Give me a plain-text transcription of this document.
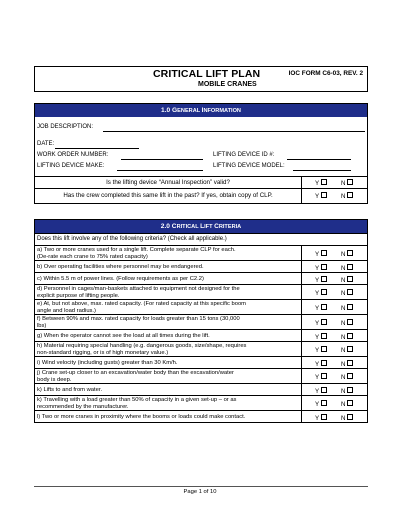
CRITICAL LIFT PLAN	IOC FORM C6-03, REV. 2
MOBILE CRANES
1.0 GENERAL INFORMATION
JOB DESCRIPTION:
DATE:
WORK ORDER NUMBER:	LIFTING DEVICE ID #:
LIFTING DEVICE MAKE:	LIFTING DEVICE MODEL:
Is the lifting device “Annual Inspection” valid?	Y	N
Has the crew completed this same lift in the past? If yes, obtain copy of CLP.	Y	N
2.0 CRITICAL LIFT CRITERIA
Does this lift involve any of the following criteria? (Check all applicable.)
a) Two or more cranes used for a single lift. Complete separate CLP for each.
(De-rate each crane to 75% rated capacity)	Y	N
b) Over operating facilities where personnel may be endangered.	Y	N
c) Within 5.5 m of power lines. (Follow requirements as per C2.2)	Y	N
d) Personnel in cages/man-baskets attached to equipment not designed for the
explicit purpose of lifting people.	Y	N
e) At, but not above, max. rated capacity. (For rated capacity at this specific boom
angle and load radius.)	Y	N
f) Between 90% and max. rated capacity for loads greater than 15 tons (30,000
lbs)	Y	N
g) When the operator cannot see the load at all times during the lift.	Y	N
h) Material requiring special handling (e.g. dangerous goods, size/shape, requires
non-standard rigging, or is of high monetary value.)	Y	N
i) Wind velocity (including gusts) greater than 30 Km/h.	Y	N
j) Crane set-up closer to an excavation/water body than the excavation/water
body is deep.	Y	N
k) Lifts to and from water.	Y	N
k) Travelling with a load greater than 50% of capacity in a given set-up – or as
recommended by the manufacturer.	Y	N
l) Two or more cranes in proximity where the booms or loads could make contact.	Y	N
Page 1 of 10
